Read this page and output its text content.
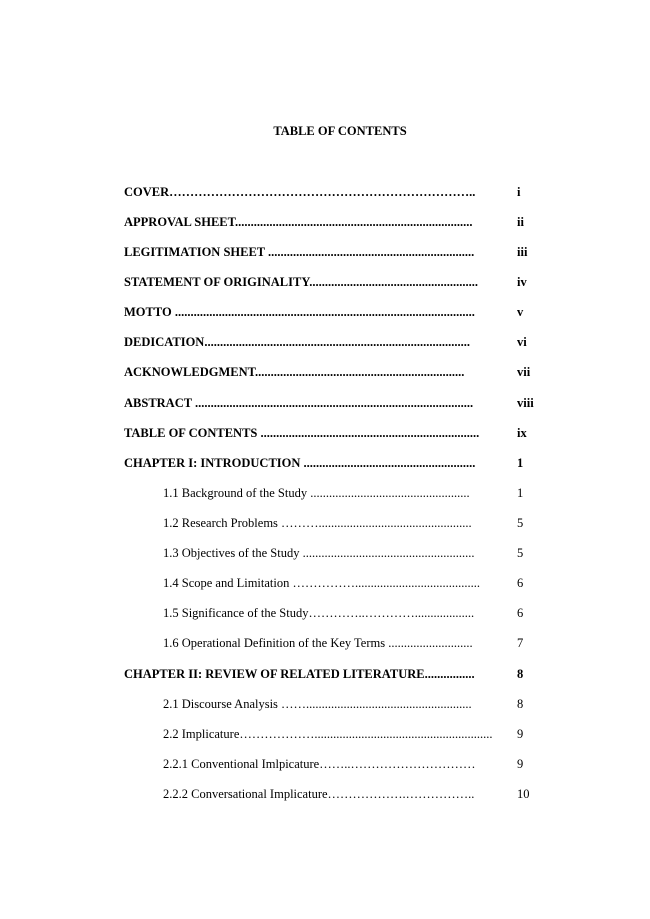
TABLE OF CONTENTS
COVER………………………………………………………………..	i
APPROVAL SHEET............................................................................	ii
LEGITIMATION SHEET ..................................................................	iii
STATEMENT OF ORIGINALITY......................................................	iv
MOTTO ................................................................................................	v
DEDICATION.....................................................................................	vi
ACKNOWLEDGMENT...................................................................	vii
ABSTRACT .........................................................................................	viii
TABLE OF CONTENTS ......................................................................	ix
CHAPTER I: INTRODUCTION .......................................................	1
1.1 Background of the Study ...................................................	1
1.2 Research Problems ……….................................................	5
1.3 Objectives of the Study .......................................................	5
1.4 Scope and Limitation ……………........................................	6
1.5 Significance of the Study…………..…………...................	6
1.6 Operational Definition of the Key Terms ...........................	7
CHAPTER II: REVIEW OF RELATED LITERATURE................	8
2.1 Discourse Analysis …….....................................................	8
2.2 Implicature………………......................................................... 9
2.2.1 Conventional Imlpicature……..…………………………	9
2.2.2 Conversational Implicature……………….……………..	10
